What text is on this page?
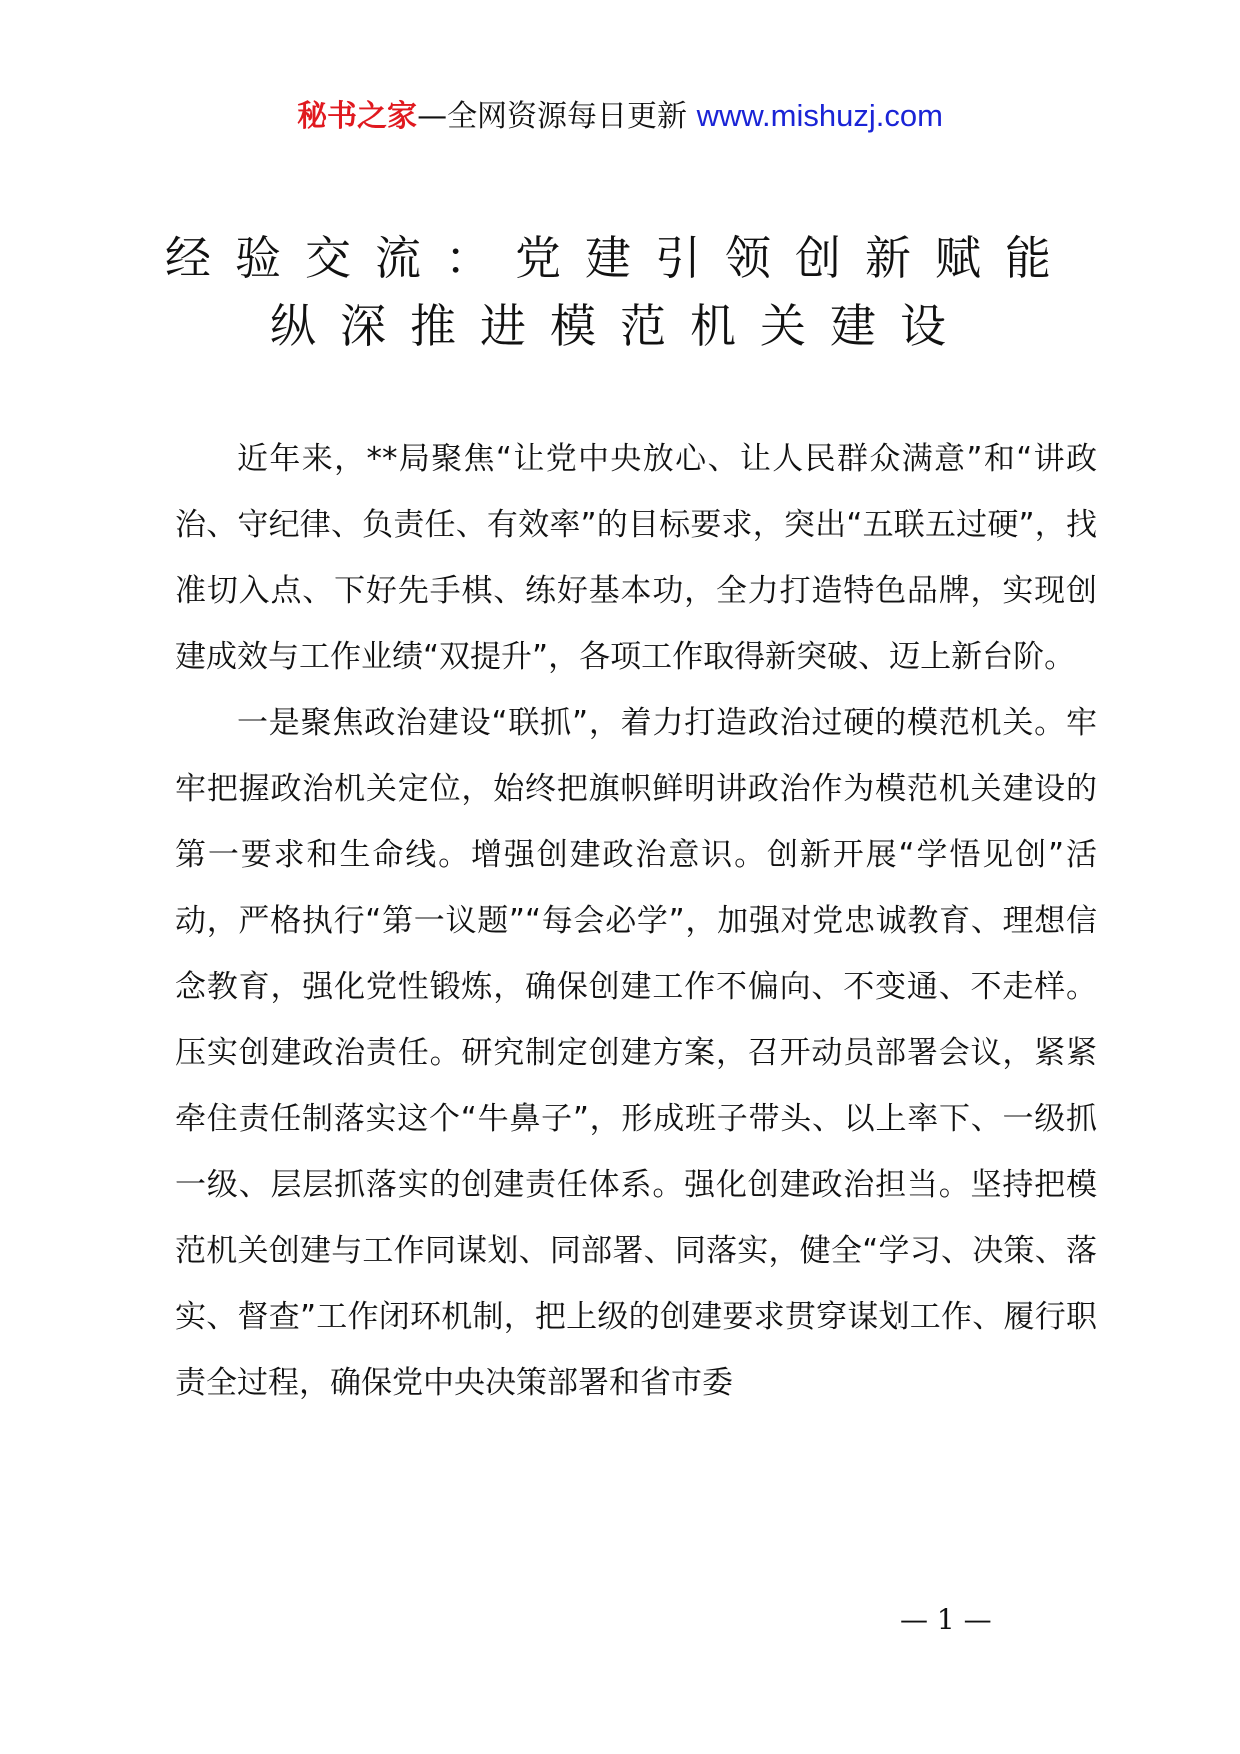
秘书之家—全网资源每日更新 www.mishuzj.com
经验交流：党建引领创新赋能
纵深推进模范机关建设

近年来，**局聚焦“让党中央放心、让人民群众满意”和“讲政治、守纪律、负责任、有效率”的目标要求，突出“五联五过硬”，找准切入点、下好先手棋、练好基本功，全力打造特色品牌，实现创建成效与工作业绩“双提升”，各项工作取得新突破、迈上新台阶。

一是聚焦政治建设“联抓”，着力打造政治过硬的模范机关。牢牢把握政治机关定位，始终把旗帜鲜明讲政治作为模范机关建设的第一要求和生命线。增强创建政治意识。创新开展“学悟见创”活动，严格执行“第一议题”“每会必学”，加强对党忠诚教育、理想信念教育，强化党性锻炼，确保创建工作不偏向、不变通、不走样。压实创建政治责任。研究制定创建方案，召开动员部署会议，紧紧牵住责任制落实这个“牛鼻子”，形成班子带头、以上率下、一级抓一级、层层抓落实的创建责任体系。强化创建政治担当。坚持把模范机关创建与工作同谋划、同部署、同落实，健全“学习、决策、落实、督查”工作闭环机制，把上级的创建要求贯穿谋划工作、履行职责全过程，确保党中央决策部署和省市委

— 1 —
